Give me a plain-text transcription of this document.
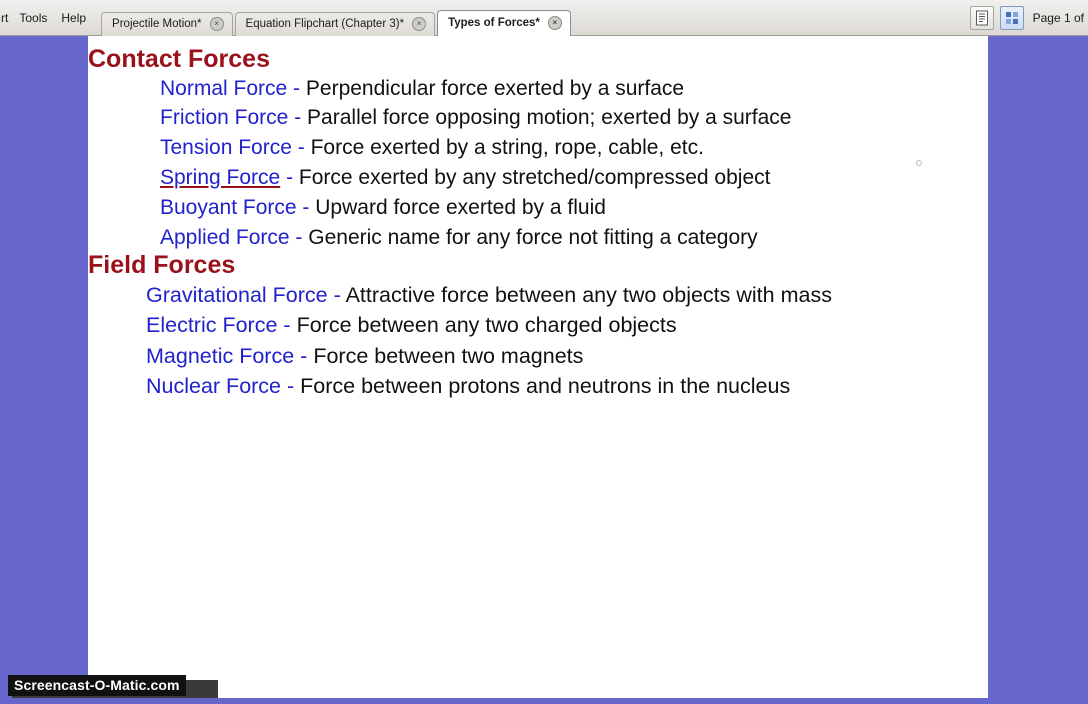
rt Tools	Help	Projectile Motion*	×	Equation Flipchart (Chapter 3)*	×	Types of Forces*	×	Page 1 of
Contact Forces
Normal Force - Perpendicular force exerted by a surface
Friction Force - Parallel force opposing motion; exerted by a surface
Tension Force - Force exerted by a string, rope, cable, etc.
Spring Force - Force exerted by any stretched/compressed object
Buoyant Force - Upward force exerted by a fluid
Applied Force - Generic name for any force not fitting a category
Field Forces
Gravitational Force - Attractive force between any two objects with mass
Electric Force - Force between any two charged objects
Magnetic Force - Force between two magnets
Nuclear Force - Force between protons and neutrons in the nucleus
Screencast-O-Matic.com
